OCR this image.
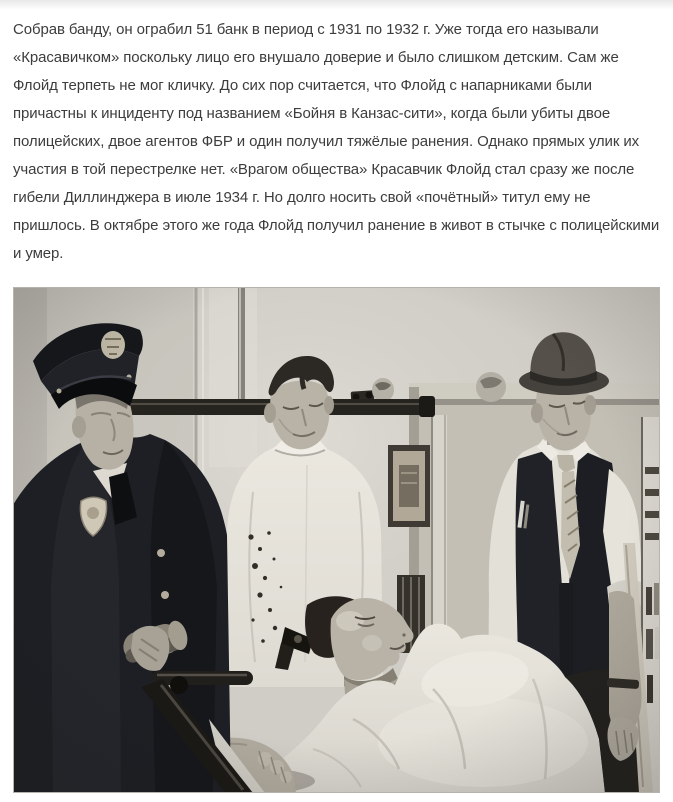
Собрав банду, он ограбил 51 банк в период с 1931 по 1932 г. Уже тогда его называли «Красавичком» поскольку лицо его внушало доверие и было слишком детским. Сам же Флойд терпеть не мог кличку. До сих пор считается, что Флойд с напарниками были причастны к инциденту под названием «Бойня в Канзас-сити», когда были убиты двое полицейских, двое агентов ФБР и один получил тяжёлые ранения. Однако прямых улик их участия в той перестрелке нет. «Врагом общества» Красавчик Флойд стал сразу же после гибели Диллинджера в июле 1934 г. Но долго носить свой «почётный» титул ему не пришлось. В октябре этого же года Флойд получил ранение в живот в стычке с полицейскими и умер.
